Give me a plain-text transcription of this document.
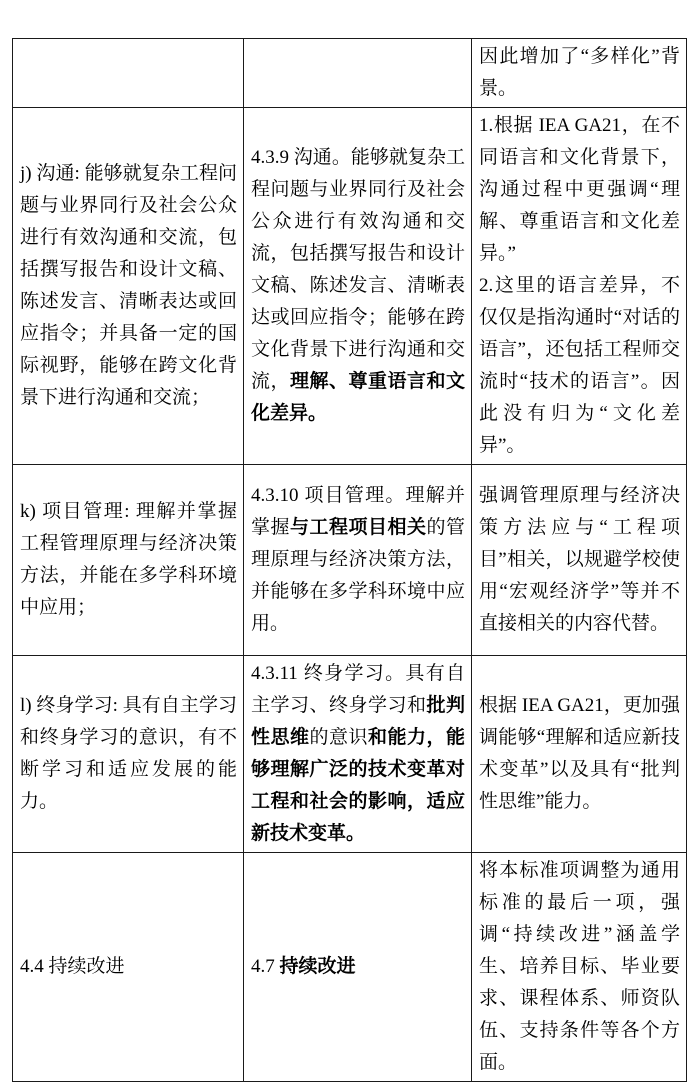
		因此增加了“多样化”背景。

j) 沟通: 能够就复杂工程问题与业界同行及社会公众进行有效沟通和交流，包括撰写报告和设计文稿、陈述发言、清晰表达或回应指令；并具备一定的国际视野，能够在跨文化背景下进行沟通和交流；	4.3.9 沟通。能够就复杂工程问题与业界同行及社会公众进行有效沟通和交流，包括撰写报告和设计文稿、陈述发言、清晰表达或回应指令；能够在跨文化背景下进行沟通和交流，理解、尊重语言和文化差异。	1.根据 IEA GA21，在不同语言和文化背景下，沟通过程中更强调“理解、尊重语言和文化差异。”
2.这里的语言差异，不仅仅是指沟通时“对话的语言”，还包括工程师交流时“技术的语言”。因此没有归为“文化差异”。

k) 项目管理: 理解并掌握工程管理原理与经济决策方法，并能在多学科环境中应用；	4.3.10 项目管理。理解并掌握与工程项目相关的管理原理与经济决策方法，并能够在多学科环境中应用。	强调管理原理与经济决策方法应与“工程项目”相关，以规避学校使用“宏观经济学”等并不直接相关的内容代替。

l) 终身学习: 具有自主学习和终身学习的意识，有不断学习和适应发展的能力。	4.3.11 终身学习。具有自主学习、终身学习和批判性思维的意识和能力，能够理解广泛的技术变革对工程和社会的影响，适应新技术变革。	根据 IEA GA21，更加强调能够“理解和适应新技术变革”以及具有“批判性思维”能力。

4.4 持续改进	4.7 持续改进	将本标准项调整为通用标准的最后一项，强调“持续改进”涵盖学生、培养目标、毕业要求、课程体系、师资队伍、支持条件等各个方面。
